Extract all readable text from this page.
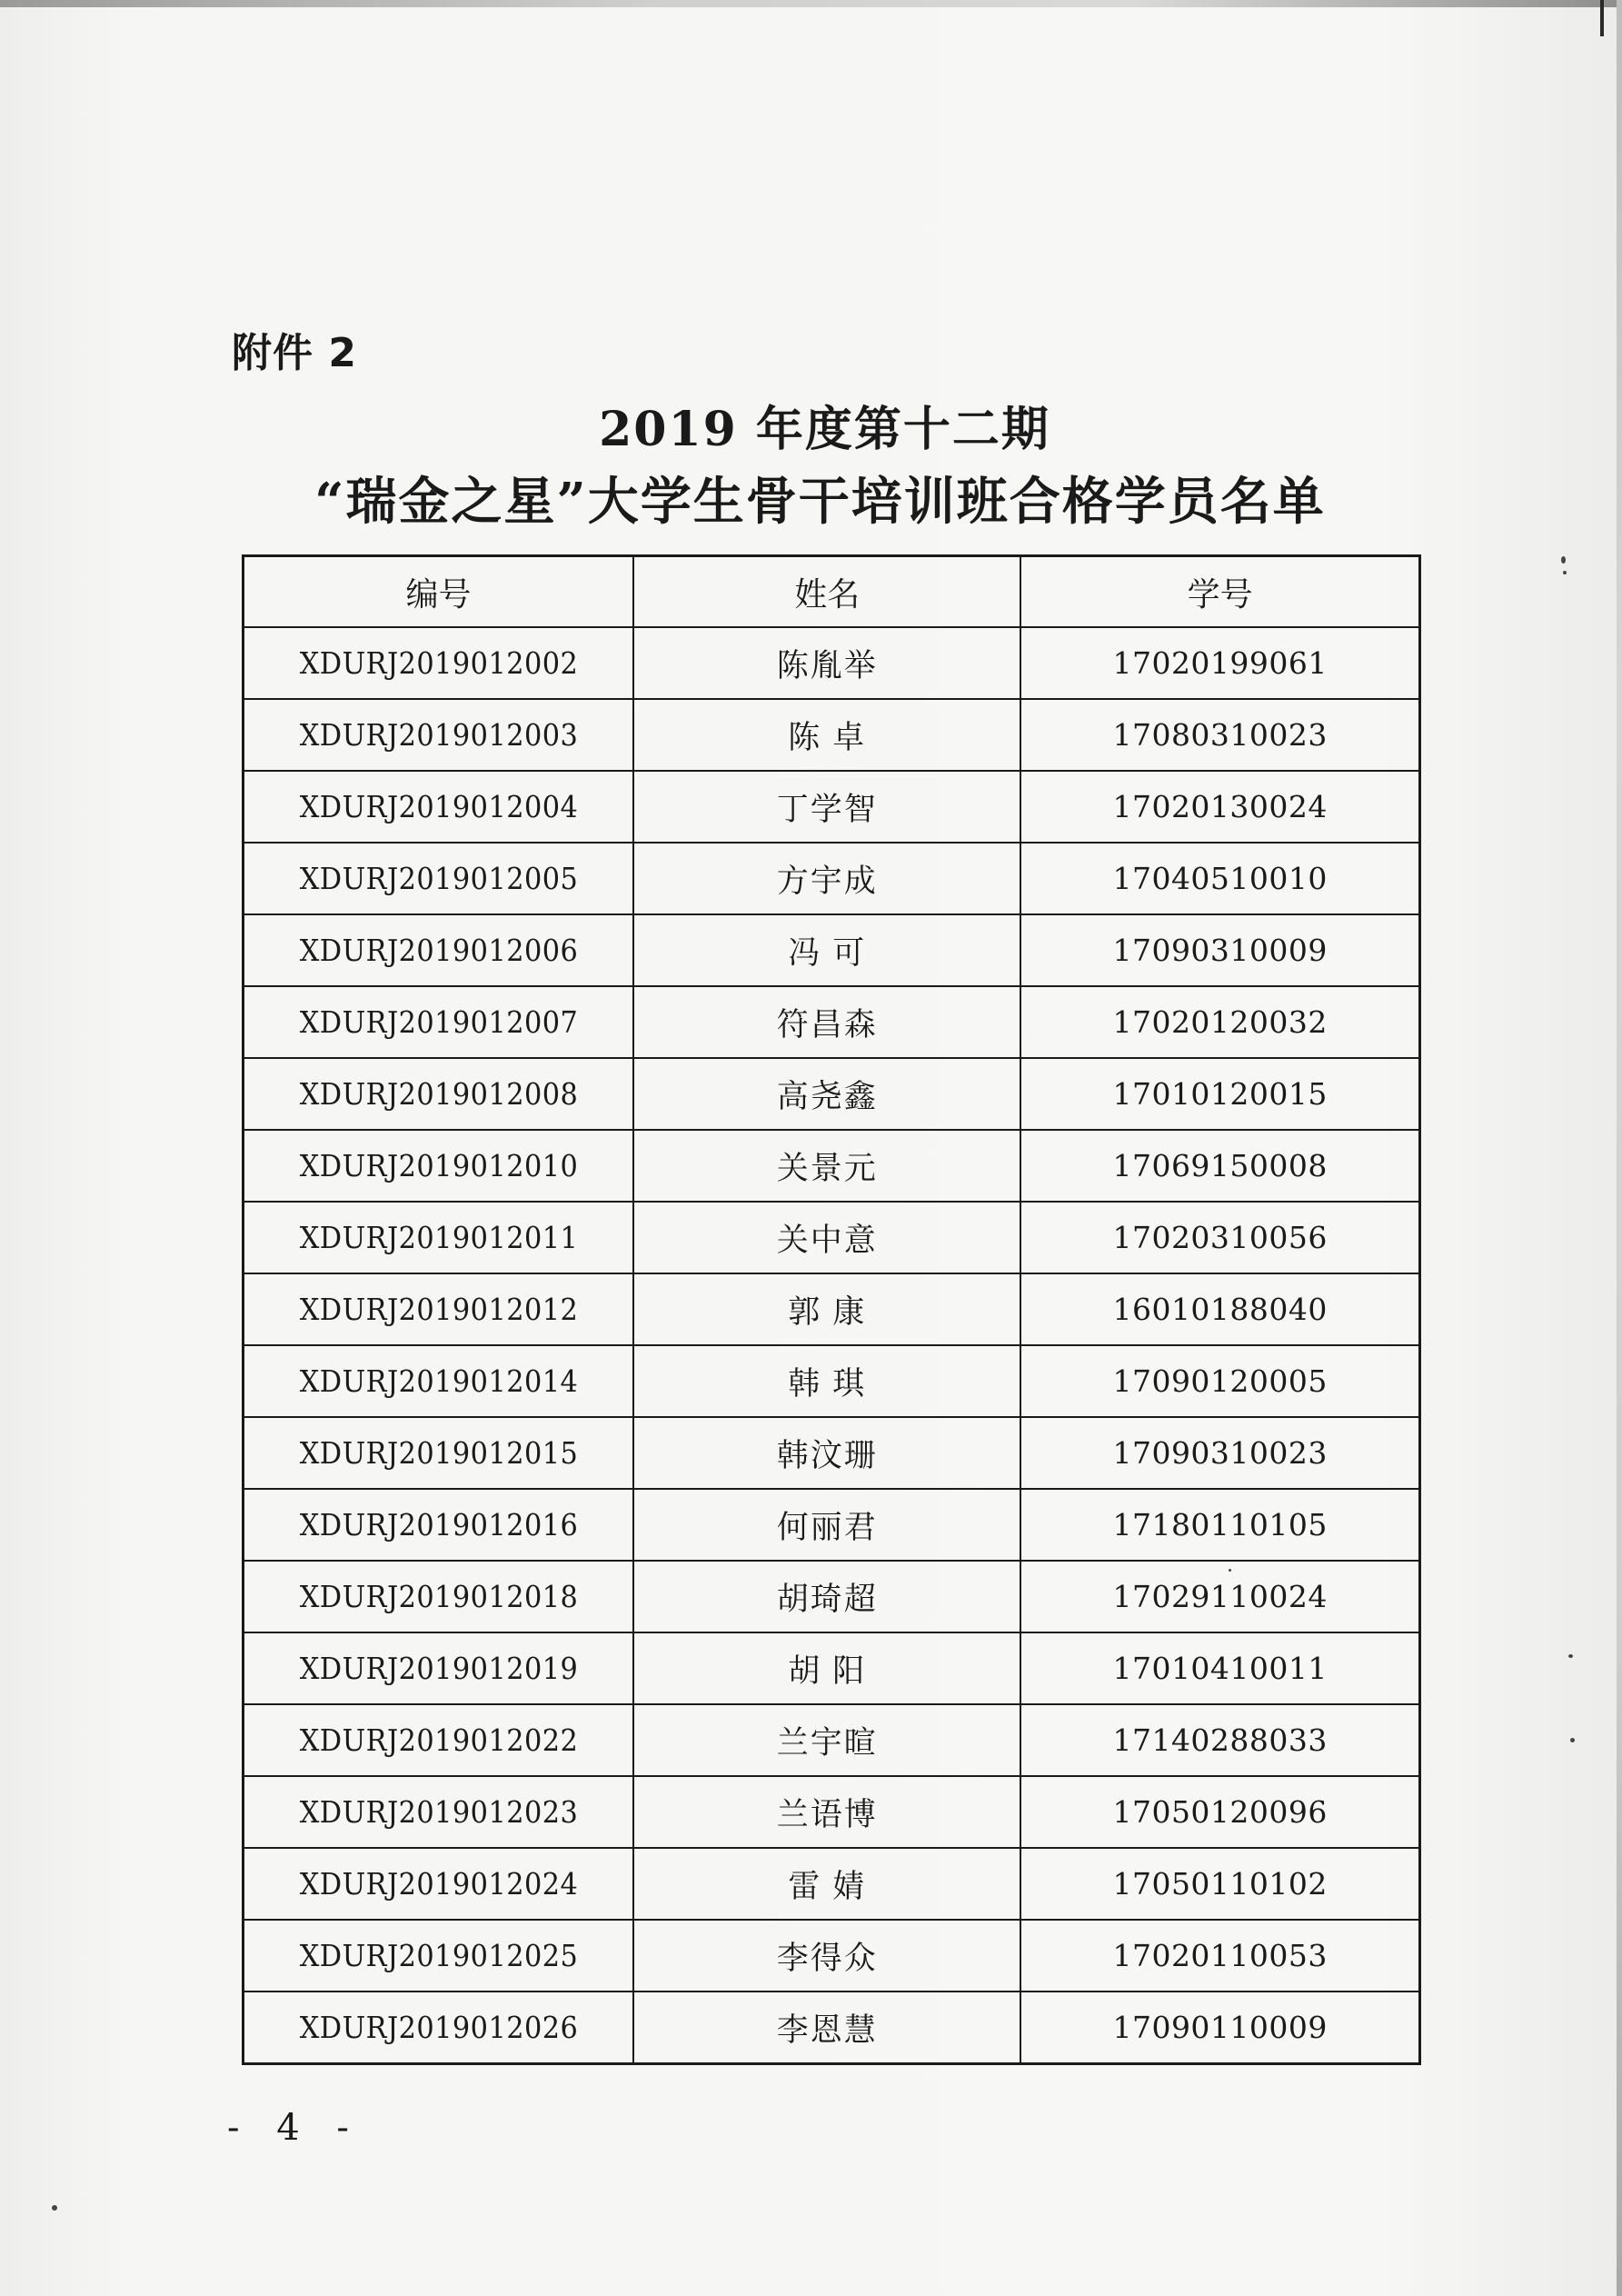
附件 2
2019 年度第十二期
“瑞金之星”大学生骨干培训班合格学员名单
编号	姓名	学号
XDURJ2019012002	陈胤举	17020199061
XDURJ2019012003	陈 卓	17080310023
XDURJ2019012004	丁学智	17020130024
XDURJ2019012005	方宇成	17040510010
XDURJ2019012006	冯 可	17090310009
XDURJ2019012007	符昌森	17020120032
XDURJ2019012008	高尧鑫	17010120015
XDURJ2019012010	关景元	17069150008
XDURJ2019012011	关中意	17020310056
XDURJ2019012012	郭 康	16010188040
XDURJ2019012014	韩 琪	17090120005
XDURJ2019012015	韩汶珊	17090310023
XDURJ2019012016	何丽君	17180110105
XDURJ2019012018	胡琦超	17029110024
XDURJ2019012019	胡 阳	17010410011
XDURJ2019012022	兰宇暄	17140288033
XDURJ2019012023	兰语博	17050120096
XDURJ2019012024	雷 婧	17050110102
XDURJ2019012025	李得众	17020110053
XDURJ2019012026	李恩慧	17090110009
- 4 -
